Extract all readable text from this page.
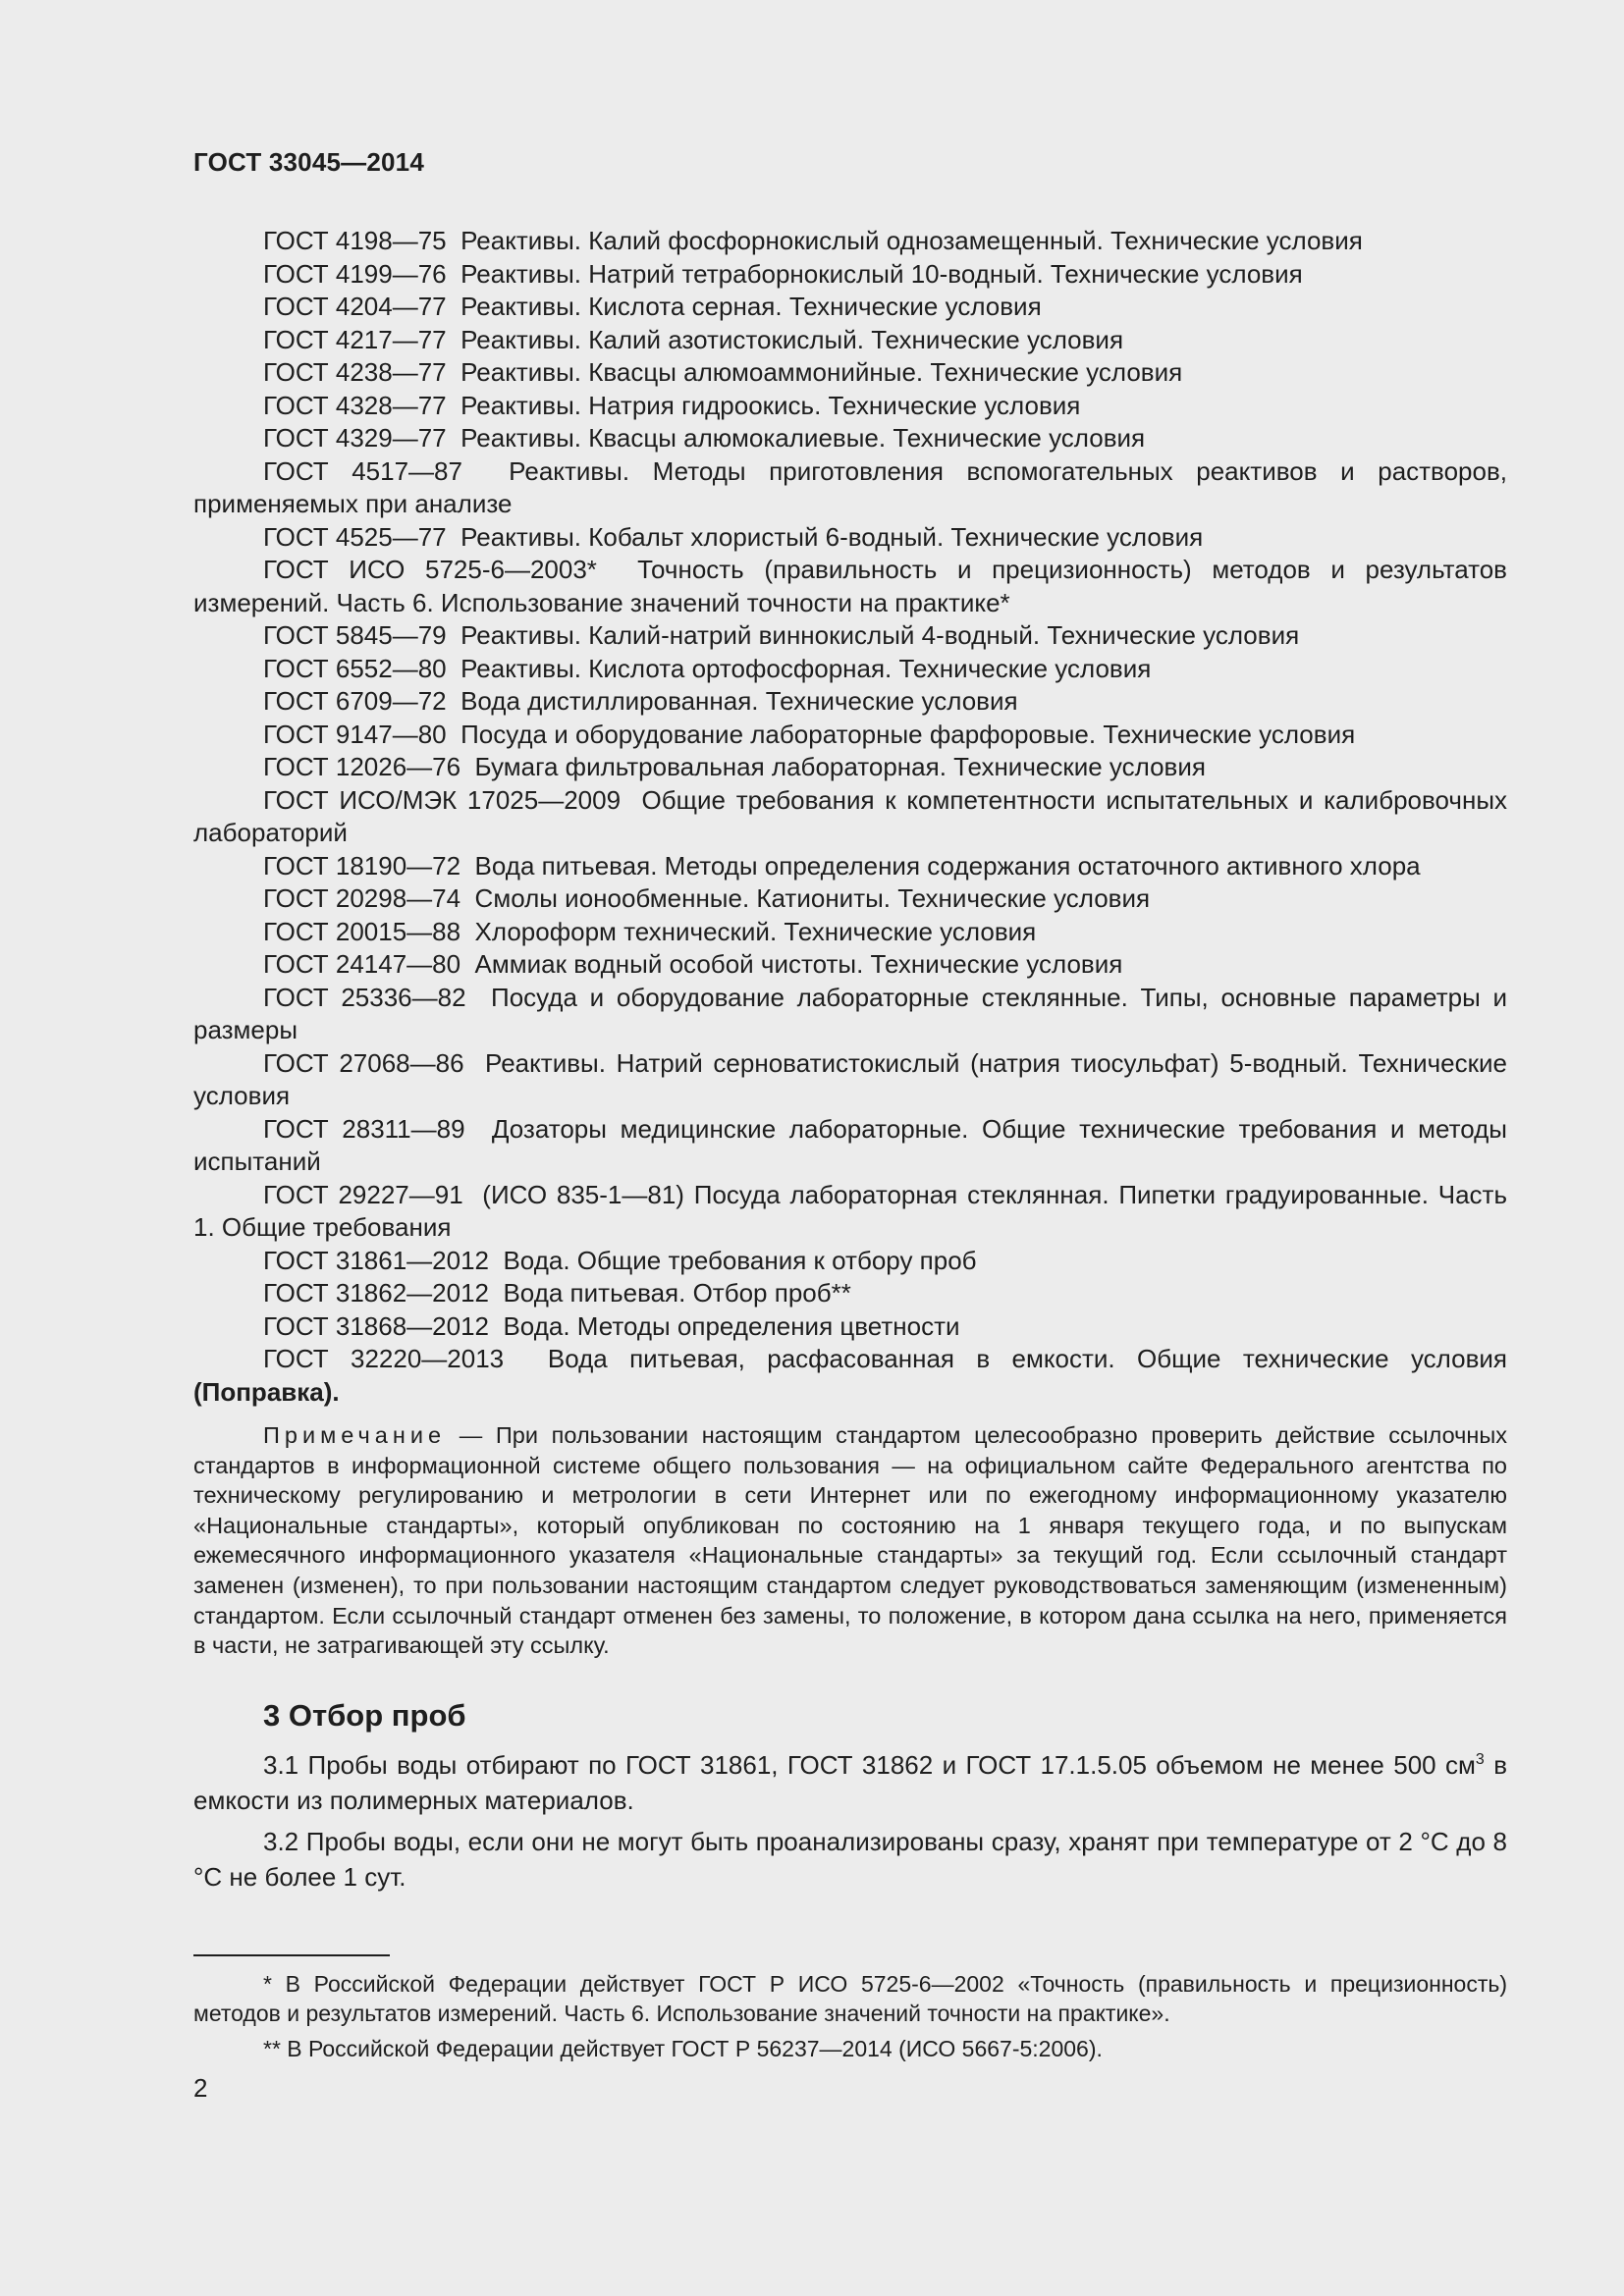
ГОСТ 33045—2014

ГОСТ 4198—75 Реактивы. Калий фосфорнокислый однозамещенный. Технические условия

ГОСТ 4199—76 Реактивы. Натрий тетраборнокислый 10-водный. Технические условия

ГОСТ 4204—77 Реактивы. Кислота серная. Технические условия

ГОСТ 4217—77 Реактивы. Калий азотистокислый. Технические условия

ГОСТ 4238—77 Реактивы. Квасцы алюмоаммонийные. Технические условия

ГОСТ 4328—77 Реактивы. Натрия гидроокись. Технические условия

ГОСТ 4329—77 Реактивы. Квасцы алюмокалиевые. Технические условия

ГОСТ 4517—87 Реактивы. Методы приготовления вспомогательных реактивов и растворов, применяемых при анализе

ГОСТ 4525—77 Реактивы. Кобальт хлористый 6-водный. Технические условия

ГОСТ ИСО 5725-6—2003* Точность (правильность и прецизионность) методов и результатов измерений. Часть 6. Использование значений точности на практике*

ГОСТ 5845—79 Реактивы. Калий-натрий виннокислый 4-водный. Технические условия

ГОСТ 6552—80 Реактивы. Кислота ортофосфорная. Технические условия

ГОСТ 6709—72 Вода дистиллированная. Технические условия

ГОСТ 9147—80 Посуда и оборудование лабораторные фарфоровые. Технические условия

ГОСТ 12026—76 Бумага фильтровальная лабораторная. Технические условия

ГОСТ ИСО/МЭК 17025—2009 Общие требования к компетентности испытательных и калибровочных лабораторий

ГОСТ 18190—72 Вода питьевая. Методы определения содержания остаточного активного хлора

ГОСТ 20298—74 Смолы ионообменные. Катиониты. Технические условия

ГОСТ 20015—88 Хлороформ технический. Технические условия

ГОСТ 24147—80 Аммиак водный особой чистоты. Технические условия

ГОСТ 25336—82 Посуда и оборудование лабораторные стеклянные. Типы, основные параметры и размеры

ГОСТ 27068—86 Реактивы. Натрий серноватистокислый (натрия тиосульфат) 5-водный. Технические условия

ГОСТ 28311—89 Дозаторы медицинские лабораторные. Общие технические требования и методы испытаний

ГОСТ 29227—91 (ИСО 835-1—81) Посуда лабораторная стеклянная. Пипетки градуированные. Часть 1. Общие требования

ГОСТ 31861—2012 Вода. Общие требования к отбору проб

ГОСТ 31862—2012 Вода питьевая. Отбор проб**

ГОСТ 31868—2012 Вода. Методы определения цветности

ГОСТ 32220—2013 Вода питьевая, расфасованная в емкости. Общие технические условия (Поправка).

Примечание — При пользовании настоящим стандартом целесообразно проверить действие ссылочных стандартов в информационной системе общего пользования — на официальном сайте Федерального агентства по техническому регулированию и метрологии в сети Интернет или по ежегодному информационному указателю «Национальные стандарты», который опубликован по состоянию на 1 января текущего года, и по выпускам ежемесячного информационного указателя «Национальные стандарты» за текущий год. Если ссылочный стандарт заменен (изменен), то при пользовании настоящим стандартом следует руководствоваться заменяющим (измененным) стандартом. Если ссылочный стандарт отменен без замены, то положение, в котором дана ссылка на него, применяется в части, не затрагивающей эту ссылку.
3 Отбор проб

3.1 Пробы воды отбирают по ГОСТ 31861, ГОСТ 31862 и ГОСТ 17.1.5.05 объемом не менее 500 $см^3$ в емкости из полимерных материалов.

3.2 Пробы воды, если они не могут быть проанализированы сразу, хранят при температуре от 2 °С до 8 °С не более 1 сут.

* В Российской Федерации действует ГОСТ Р ИСО 5725-6—2002 «Точность (правильность и прецизионность) методов и результатов измерений. Часть 6. Использование значений точности на практике».

** В Российской Федерации действует ГОСТ Р 56237—2014 (ИСО 5667-5:2006).

2
